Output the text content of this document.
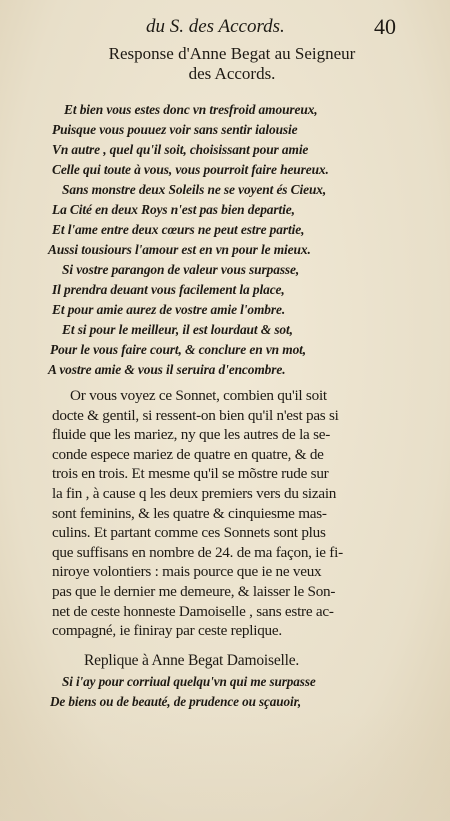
du S. des Accords.	40
Response d'Anne Begat au Seigneur
des Accords.
Et bien vous estes donc vn tresfroid amoureux,
Puisque vous pouuez voir sans sentir ialousie
Vn autre , quel qu'il soit, choisissant pour amie
Celle qui toute à vous, vous pourroit faire heureux.
Sans monstre deux Soleils ne se voyent és Cieux,
La Cité en deux Roys n'est pas bien departie,
Et l'ame entre deux cœurs ne peut estre partie,
Aussi tousiours l'amour est en vn pour le mieux.
Si vostre parangon de valeur vous surpasse,
Il prendra deuant vous facilement la place,
Et pour amie aurez de vostre amie l'ombre.
Et si pour le meilleur, il est lourdaut & sot,
Pour le vous faire court, & conclure en vn mot,
A vostre amie & vous il seruira d'encombre.
Or vous voyez ce Sonnet, combien qu'il soit
docte & gentil, si ressent-on bien qu'il n'est pas si
fluide que les mariez, ny que les autres de la se-
conde espece mariez de quatre en quatre, & de
trois en trois. Et mesme qu'il se mõstre rude sur
la fin , à cause q les deux premiers vers du sizain
sont feminins, & les quatre & cinquiesme mas-
culins. Et partant comme ces Sonnets sont plus
que suffisans en nombre de 24. de ma façon, ie fi-
niroye volontiers : mais pource que ie ne veux
pas que le dernier me demeure, & laisser le Son-
net de ceste honneste Damoiselle , sans estre ac-
compagné, ie finiray par ceste replique.
Replique à Anne Begat Damoiselle.
Si i'ay pour corriual quelqu'vn qui me surpasse
De biens ou de beauté, de prudence ou sçauoir,
